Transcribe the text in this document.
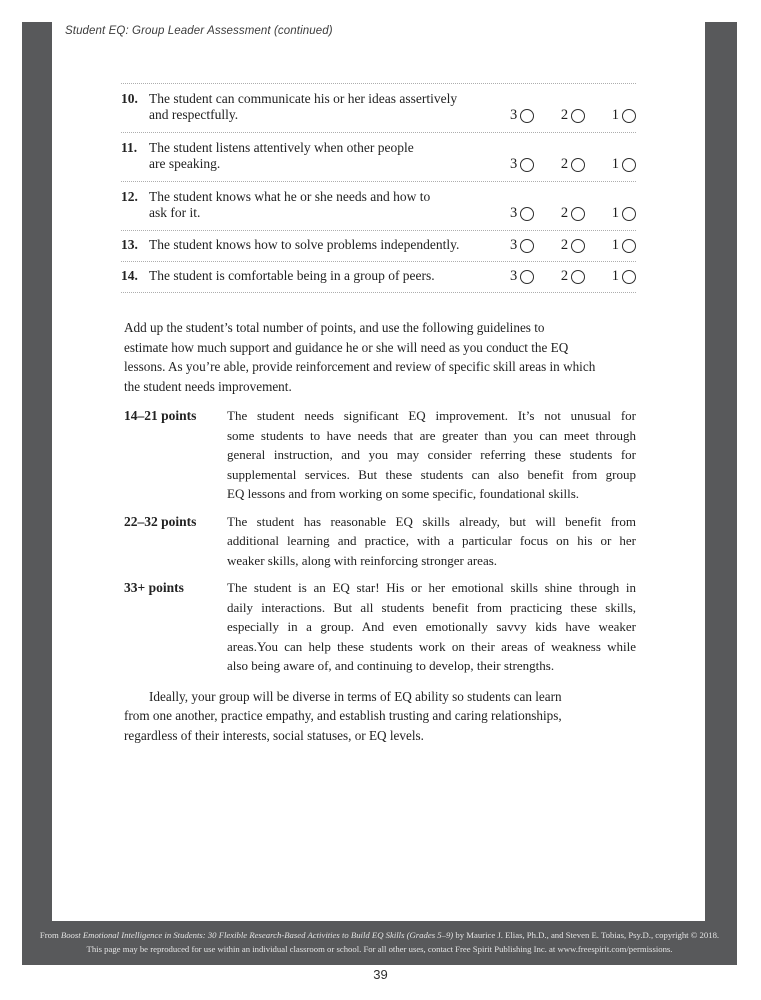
Student EQ: Group Leader Assessment (continued)
10. The student can communicate his or her ideas assertively
and respectfully.	3	2	1
11. The student listens attentively when other people
are speaking.	3	2	1
12. The student knows what he or she needs and how to
ask for it.	3	2	1
13. The student knows how to solve problems independently.	3	2	1
14. The student is comfortable being in a group of peers.	3	2	1
Add up the student’s total number of points, and use the following guidelines to
estimate how much support and guidance he or she will need as you conduct the EQ
lessons. As you’re able, provide reinforcement and review of specific skill areas in which
the student needs improvement.
14–21 points	The student needs significant EQ improvement. It’s not unusual for
some students to have needs that are greater than you can meet through
general instruction, and you may consider referring these students for
supplemental services. But these students can also benefit from group
EQ lessons and from working on some specific, foundational skills.
22–32 points	The student has reasonable EQ skills already, but will benefit from
additional learning and practice, with a particular focus on his or her
weaker skills, along with reinforcing stronger areas.
33+ points	The student is an EQ star! His or her emotional skills shine through in
daily interactions. But all students benefit from practicing these skills,
especially in a group. And even emotionally savvy kids have weaker
areas.You can help these students work on their areas of weakness while
also being aware of, and continuing to develop, their strengths.
Ideally, your group will be diverse in terms of EQ ability so students can learn
from one another, practice empathy, and establish trusting and caring relationships,
regardless of their interests, social statuses, or EQ levels.
From Boost Emotional Intelligence in Students: 30 Flexible Research-Based Activities to Build EQ Skills (Grades 5–9) by Maurice J. Elias, Ph.D., and Steven E. Tobias, Psy.D., copyright © 2018.
This page may be reproduced for use within an individual classroom or school. For all other uses, contact Free Spirit Publishing Inc. at www.freespirit.com/permissions.
39
